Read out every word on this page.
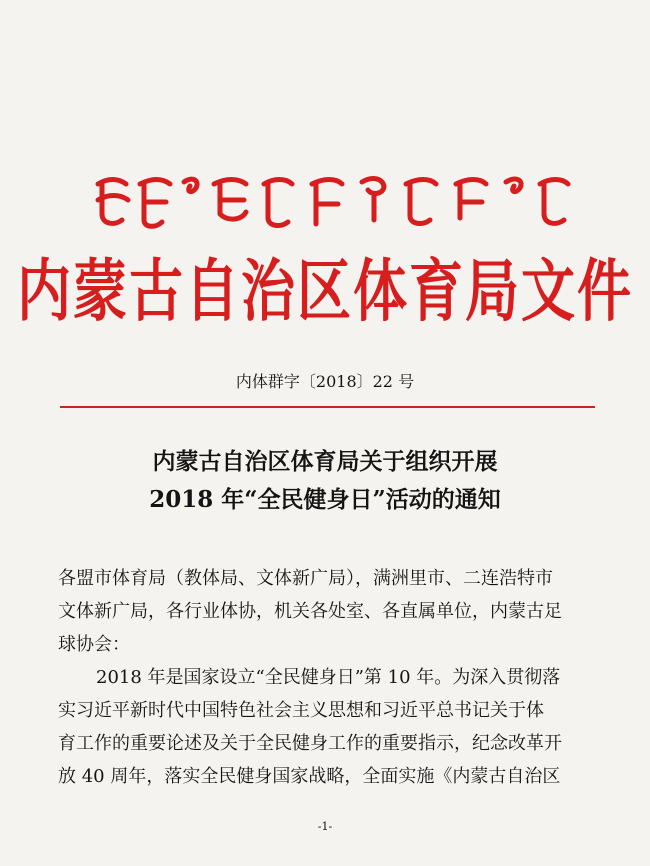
内蒙古自治区体育局文件
内体群字〔2018〕22 号
内蒙古自治区体育局关于组织开展
2018 年“全民健身日”活动的通知
各盟市体育局（教体局、文体新广局），满洲里市、二连浩特市
文体新广局，各行业体协，机关各处室、各直属单位，内蒙古足
球协会：
2018 年是国家设立“全民健身日”第 10 年。为深入贯彻落
实习近平新时代中国特色社会主义思想和习近平总书记关于体
育工作的重要论述及关于全民健身工作的重要指示，纪念改革开
放 40 周年，落实全民健身国家战略，全面实施《内蒙古自治区
-1-
